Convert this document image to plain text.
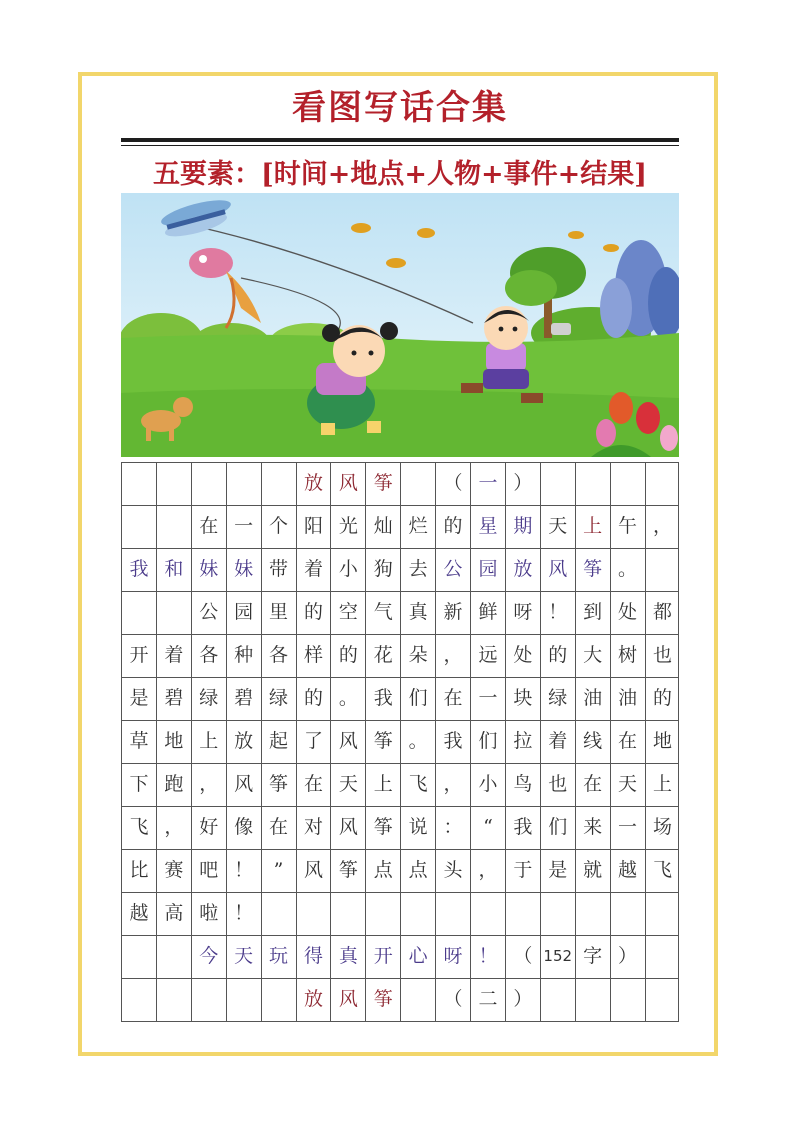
看图写话合集
五要素：[时间+地点+人物+事件+结果]
放 风 筝	（ 一 ）
在 一 个 阳 光 灿 烂 的 星 期 天 上 午 ，
我 和 妹 妹 带 着 小 狗 去 公 园 放 风 筝 。
公 园 里 的 空 气 真 新 鲜 呀 ！ 到 处 都
开 着 各 种 各 样 的 花 朵 ， 远 处 的 大 树 也
是 碧 绿 碧 绿 的 。 我 们 在 一 块 绿 油 油 的
草 地 上 放 起 了 风 筝 。 我 们 拉 着 线 在 地
下 跑 ， 风 筝 在 天 上 飞 ， 小 鸟 也 在 天 上
飞 ， 好 像 在 对 风 筝 说 ：	“	我 们 来 一 场
比 赛 吧 ！	”	风 筝 点 点 头 ， 于 是 就 越 飞
越 高 啦 ！
今 天 玩 得 真 开 心 呀 ！ （ 152 字 ）
放 风 筝	（ 二 ）
